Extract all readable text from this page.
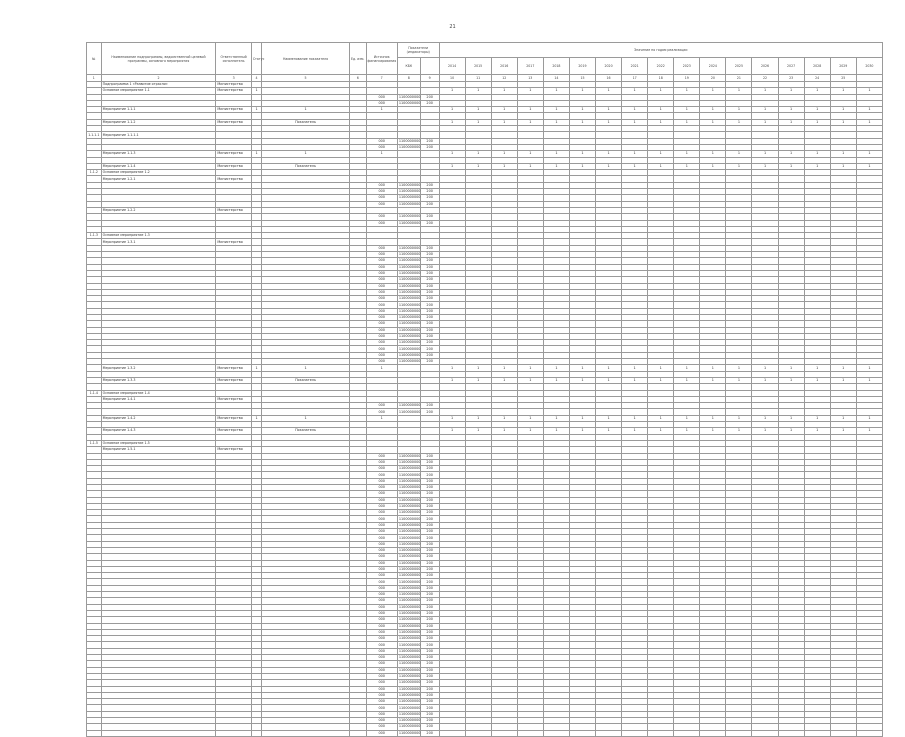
21
№	Наименование подпрограммы, ведомственной целевой программы, основного мероприятия	Ответственный исполнитель	Статус	Наименование показателя	Ед. изм.	Источник финансирования	Показатели (индикаторы)		Значение по годам реализации																
							КБК		2014	2015	2016	2017	2018	2019	2020	2021	2022	2023	2024	2025	2026	2027	2028	2029	2030
1	2	3	4	5	6	7	8	9	10	11	12	13	14	15	16	17	18	19	20	21	22	23	24	25	
	Подпрограмма 1 «Развитие отрасли»	Министерство																							
	Основное мероприятие 1.1	Министерство	1						1	1	1	1	1	1	1	1	1	1	1	1	1	1	1	1	1
						000	1100000000	200																	
						000	1100000000	200																	
	Мероприятие 1.1.1	Министерство	1	1		1			1	1	1	1	1	1	1	1	1	1	1	1	1	1	1	1	1

	Мероприятие 1.1.2	Министерство		Показатель					1	1	1	1	1	1	1	1	1	1	1	1	1	1	1	1	1

1.1.1.1	Мероприятие 1.1.1.1																								
						000	1100000000	200																	
						000	1100000000	200																	
	Мероприятие 1.1.3	Министерство	1	1		1			1	1	1	1	1	1	1	1	1	1	1	1	1	1	1	1	1

	Мероприятие 1.1.4	Министерство		Показатель					1	1	1	1	1	1	1	1	1	1	1	1	1	1	1	1	1
1.1.2	Основное мероприятие 1.2																								
	Мероприятие 1.2.1	Министерство																							
						000	1100000000	200																	
						000	1100000000	200																	
						000	1100000000	200																	
						000	1100000000	200																	
	Мероприятие 1.2.2	Министерство																							
						000	1100000000	200																	
						000	1100000000	200																	

1.1.3	Основное мероприятие 1.3																								
	Мероприятие 1.3.1	Министерство																							
						000	1100000000	200																	
						000	1100000000	200																	
						000	1100000000	200																	
						000	1100000000	200																	
						000	1100000000	200																	
						000	1100000000	200																	
						000	1100000000	200																	
						000	1100000000	200																	
						000	1100000000	200																	
						000	1100000000	200																	
						000	1100000000	200																	
						000	1100000000	200																	
						000	1100000000	200																	
						000	1100000000	200																	
						000	1100000000	200																	
						000	1100000000	200																	
						000	1100000000	200																	
						000	1100000000	200																	
						000	1100000000	200																	
	Мероприятие 1.3.2	Министерство	1	1		1			1	1	1	1	1	1	1	1	1	1	1	1	1	1	1	1	1

	Мероприятие 1.3.3	Министерство		Показатель					1	1	1	1	1	1	1	1	1	1	1	1	1	1	1	1	1

1.1.4	Основное мероприятие 1.4																								
	Мероприятие 1.4.1	Министерство																							
						000	1100000000	200																	
						000	1100000000	200																	
	Мероприятие 1.4.2	Министерство	1	1		1			1	1	1	1	1	1	1	1	1	1	1	1	1	1	1	1	1

	Мероприятие 1.4.3	Министерство		Показатель					1	1	1	1	1	1	1	1	1	1	1	1	1	1	1	1	1

1.1.5	Основное мероприятие 1.5																								
	Мероприятие 1.5.1	Министерство																							
						000	1100000000	200																	
						000	1100000000	200																	
						000	1100000000	200																	
						000	1100000000	200																	
						000	1100000000	200																	
						000	1100000000	200																	
						000	1100000000	200																	
						000	1100000000	200																	
						000	1100000000	200																	
						000	1100000000	200																	
						000	1100000000	200																	
						000	1100000000	200																	
						000	1100000000	200																	
						000	1100000000	200																	
						000	1100000000	200																	
						000	1100000000	200																	
						000	1100000000	200																	
						000	1100000000	200																	
						000	1100000000	200																	
						000	1100000000	200																	
						000	1100000000	200																	
						000	1100000000	200																	
						000	1100000000	200																	
						000	1100000000	200																	
						000	1100000000	200																	
						000	1100000000	200																	
						000	1100000000	200																	
						000	1100000000	200																	
						000	1100000000	200																	
						000	1100000000	200																	
						000	1100000000	200																	
						000	1100000000	200																	
						000	1100000000	200																	
						000	1100000000	200																	
						000	1100000000	200																	
						000	1100000000	200																	
						000	1100000000	200																	
						000	1100000000	200																	
						000	1100000000	200																	
						000	1100000000	200																	
						000	1100000000	200																	
						000	1100000000	200																	
						000	1100000000	200																	
						000	1100000000	200																	
						000	1100000000	200																	
